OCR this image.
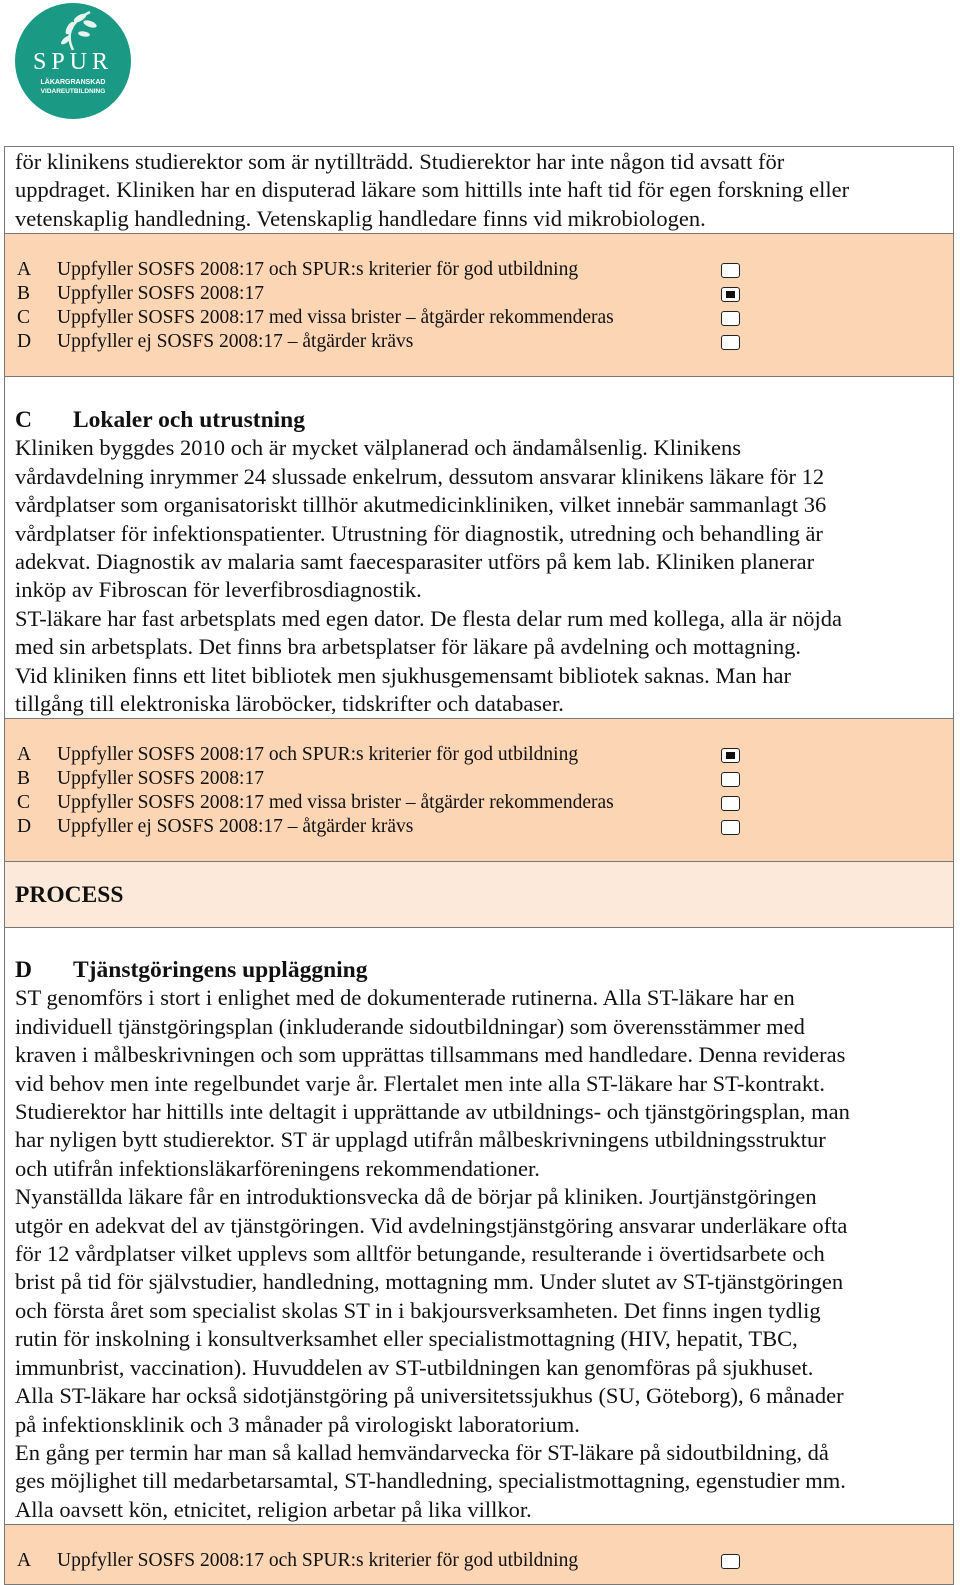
SPUR
LÄKARGRANSKAD
VIDAREUTBILDNING

för klinikens studierektor som är nytillträdd. Studierektor har inte någon tid avsatt för

uppdraget. Kliniken har en disputerad läkare som hittills inte haft tid för egen forskning eller

vetenskaplig handledning. Vetenskaplig handledare finns vid mikrobiologen.

A	Uppfyller SOSFS 2008:17 och SPUR:s kriterier för god utbildning
B	Uppfyller SOSFS 2008:17
C	Uppfyller SOSFS 2008:17 med vissa brister – åtgärder rekommenderas
D	Uppfyller ej SOSFS 2008:17 – åtgärder krävs

C	Lokaler och utrustning

Kliniken byggdes 2010 och är mycket välplanerad och ändamålsenlig. Klinikens

vårdavdelning inrymmer 24 slussade enkelrum, dessutom ansvarar klinikens läkare för 12

vårdplatser som organisatoriskt tillhör akutmedicinkliniken, vilket innebär sammanlagt 36

vårdplatser för infektionspatienter. Utrustning för diagnostik, utredning och behandling är

adekvat. Diagnostik av malaria samt faecesparasiter utförs på kem lab. Kliniken planerar

inköp av Fibroscan för leverfibrosdiagnostik.

ST-läkare har fast arbetsplats med egen dator. De flesta delar rum med kollega, alla är nöjda

med sin arbetsplats. Det finns bra arbetsplatser för läkare på avdelning och mottagning.

Vid kliniken finns ett litet bibliotek men sjukhusgemensamt bibliotek saknas. Man har

tillgång till elektroniska läroböcker, tidskrifter och databaser.

A	Uppfyller SOSFS 2008:17 och SPUR:s kriterier för god utbildning
B	Uppfyller SOSFS 2008:17
C	Uppfyller SOSFS 2008:17 med vissa brister – åtgärder rekommenderas
D	Uppfyller ej SOSFS 2008:17 – åtgärder krävs

PROCESS

D	Tjänstgöringens uppläggning

ST genomförs i stort i enlighet med de dokumenterade rutinerna. Alla ST-läkare har en

individuell tjänstgöringsplan (inkluderande sidoutbildningar) som överensstämmer med

kraven i målbeskrivningen och som upprättas tillsammans med handledare. Denna revideras

vid behov men inte regelbundet varje år. Flertalet men inte alla ST-läkare har ST-kontrakt.

Studierektor har hittills inte deltagit i upprättande av utbildnings- och tjänstgöringsplan, man

har nyligen bytt studierektor. ST är upplagd utifrån målbeskrivningens utbildningsstruktur

och utifrån infektionsläkarföreningens rekommendationer.

Nyanställda läkare får en introduktionsvecka då de börjar på kliniken. Jourtjänstgöringen

utgör en adekvat del av tjänstgöringen. Vid avdelningstjänstgöring ansvarar underläkare ofta

för 12 vårdplatser vilket upplevs som alltför betungande, resulterande i övertidsarbete och

brist på tid för självstudier, handledning, mottagning mm. Under slutet av ST-tjänstgöringen

och första året som specialist skolas ST in i bakjoursverksamheten. Det finns ingen tydlig

rutin för inskolning i konsultverksamhet eller specialistmottagning (HIV, hepatit, TBC,

immunbrist, vaccination). Huvuddelen av ST-utbildningen kan genomföras på sjukhuset.

Alla ST-läkare har också sidotjänstgöring på universitetssjukhus (SU, Göteborg), 6 månader

på infektionsklinik och 3 månader på virologiskt laboratorium.

En gång per termin har man så kallad hemvändarvecka för ST-läkare på sidoutbildning, då

ges möjlighet till medarbetarsamtal, ST-handledning, specialistmottagning, egenstudier mm.

Alla oavsett kön, etnicitet, religion arbetar på lika villkor.

A	Uppfyller SOSFS 2008:17 och SPUR:s kriterier för god utbildning
